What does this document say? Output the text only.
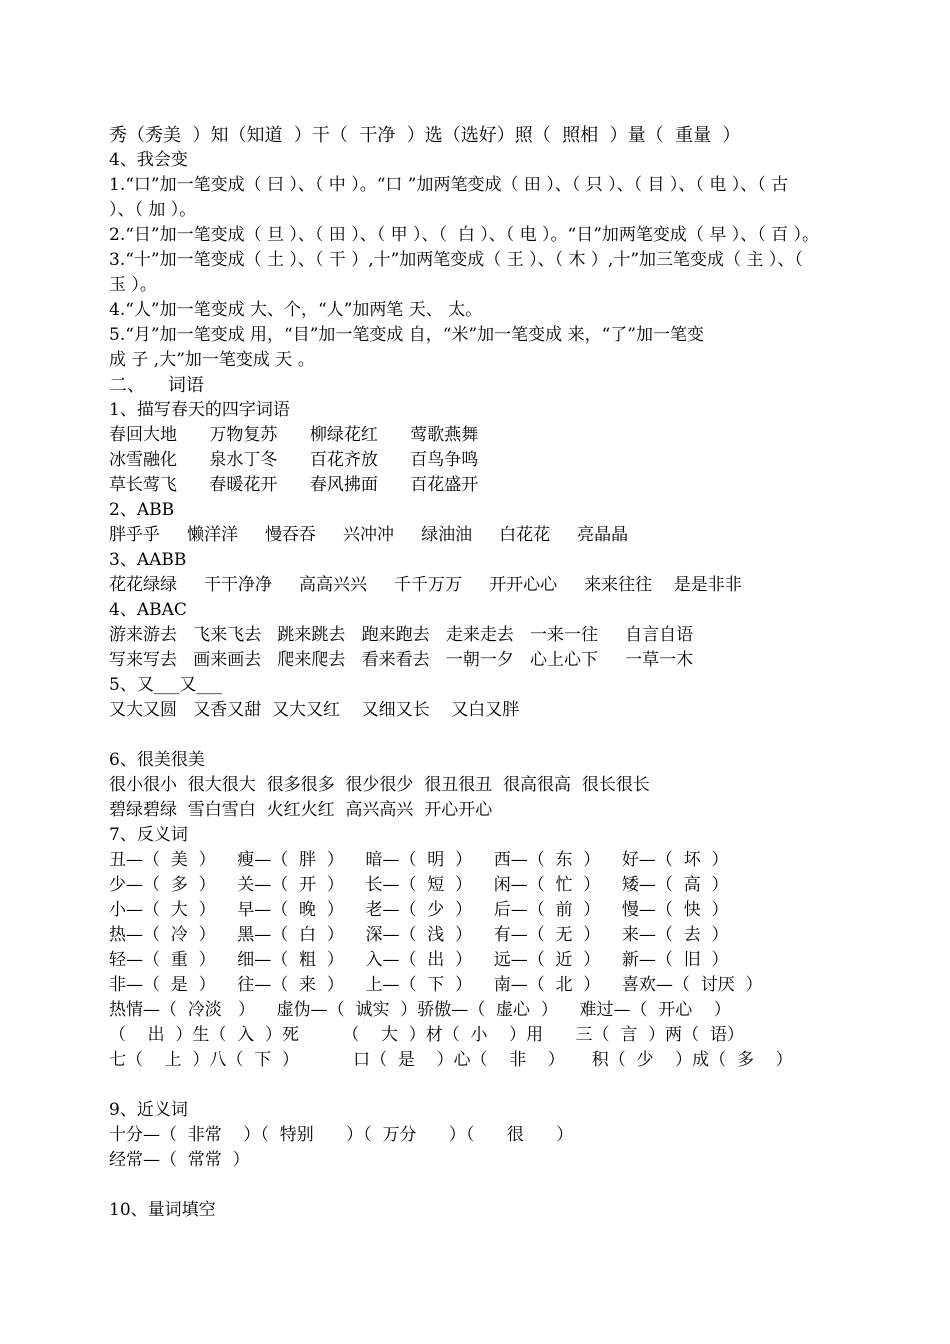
秀（秀美  ）知（知道  ）干（  干净  ）选（选好）照（  照相  ）量（  重量  ）
4、我会变
1.“口”加一笔变成（ 曰 ）、（ 中 ）。“口 ”加两笔变成（ 田 ）、（ 只 ）、（ 目 ）、（ 电 ）、（ 古
）、（ 加 ）。
2.“日”加一笔变成（ 旦 ）、（ 田 ）、（ 甲 ）、（  白 ）、（ 电 ）。“日”加两笔变成（ 早 ）、（ 百 ）。
3.“十”加一笔变成（ 土 ）、（ 干 ）,十”加两笔变成（ 王 ）、（ 木 ）,十”加三笔变成（ 主 ）、（
玉 ）。
4.“人”加一笔变成 大、个，“人”加两笔 天、 太。
5.“月”加一笔变成 用，“目”加一笔变成 自，“米”加一笔变成 来，“了”加一笔变
成 子 ,大”加一笔变成 天 。
二、    词语
1、描写春天的四字词语
春回大地      万物复苏      柳绿花红      莺歌燕舞
冰雪融化      泉水丁冬      百花齐放      百鸟争鸣
草长莺飞      春暖花开      春风拂面      百花盛开
2、ABB
胖乎乎     懒洋洋     慢吞吞     兴冲冲     绿油油     白花花     亮晶晶
3、AABB
花花绿绿     干干净净     高高兴兴     千千万万     开开心心     来来往往    是是非非
4、ABAC
游来游去   飞来飞去   跳来跳去   跑来跑去   走来走去   一来一往     自言自语
写来写去   画来画去   爬来爬去   看来看去   一朝一夕   心上心下     一草一木
5、又___又___
又大又圆   又香又甜  又大又红    又细又长    又白又胖
6、很美很美
很小很小  很大很大  很多很多  很少很少  很丑很丑  很高很高  很长很长
碧绿碧绿  雪白雪白  火红火红  高兴高兴  开心开心
7、反义词
丑—（  美  ）    瘦—（  胖  ）    暗—（  明  ）    西—（  东  ）    好—（  坏  ）
少—（  多  ）    关—（  开  ）    长—（  短  ）    闲—（  忙  ）    矮—（  高  ）
小—（  大  ）    早—（  晚  ）    老—（  少  ）    后—（  前  ）    慢—（  快  ）
热—（  冷  ）    黑—（  白  ）    深—（  浅  ）    有—（  无  ）    来—（  去  ）
轻—（  重  ）    细—（  粗  ）    入—（  出  ）    远—（  近  ）    新—（  旧  ）
非—（  是  ）    往—（  来  ）    上—（  下  ）    南—（  北  ）    喜欢—（  讨厌  ）
热情—（  冷淡   ）    虚伪—（  诚实  ）骄傲—（  虚心  ）    难过—（  开心    ）
（    出  ）生（  入  ）死        （    大  ）材（  小    ）用      三（  言  ）两（  语）
七（    上  ）八（  下  ）          口（  是    ）心（    非    ）     积（  少    ）成（  多    ）
9、近义词
十分—（  非常    ）（  特别      ）（  万分      ）（      很      ）
经常—（  常常  ）
10、量词填空
